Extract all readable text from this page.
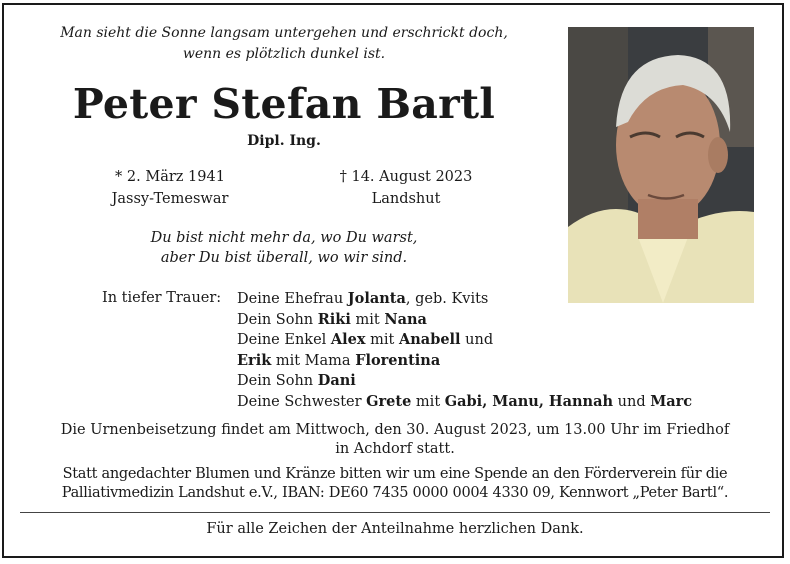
Man sieht die Sonne langsam untergehen und erschrickt doch,
wenn es plötzlich dunkel ist.
Peter Stefan Bartl
Dipl. Ing.
* 2. März 1941
Jassy-Temeswar
† 14. August 2023
Landshut
Du bist nicht mehr da, wo Du warst,
aber Du bist überall, wo wir sind.
In tiefer Trauer: Deine Ehefrau Jolanta, geb. Kvits
Dein Sohn Riki mit Nana
Deine Enkel Alex mit Anabell und
Erik mit Mama Florentina
Dein Sohn Dani
Deine Schwester Grete mit Gabi, Manu, Hannah und Marc
Die Urnenbeisetzung findet am Mittwoch, den 30. August 2023, um 13.00 Uhr im Friedhof
in Achdorf statt.
Statt angedachter Blumen und Kränze bitten wir um eine Spende an den Förderverein für die
Palliativmedizin Landshut e.V., IBAN: DE60 7435 0000 0004 4330 09, Kennwort „Peter Bartl“.
Für alle Zeichen der Anteilnahme herzlichen Dank.
